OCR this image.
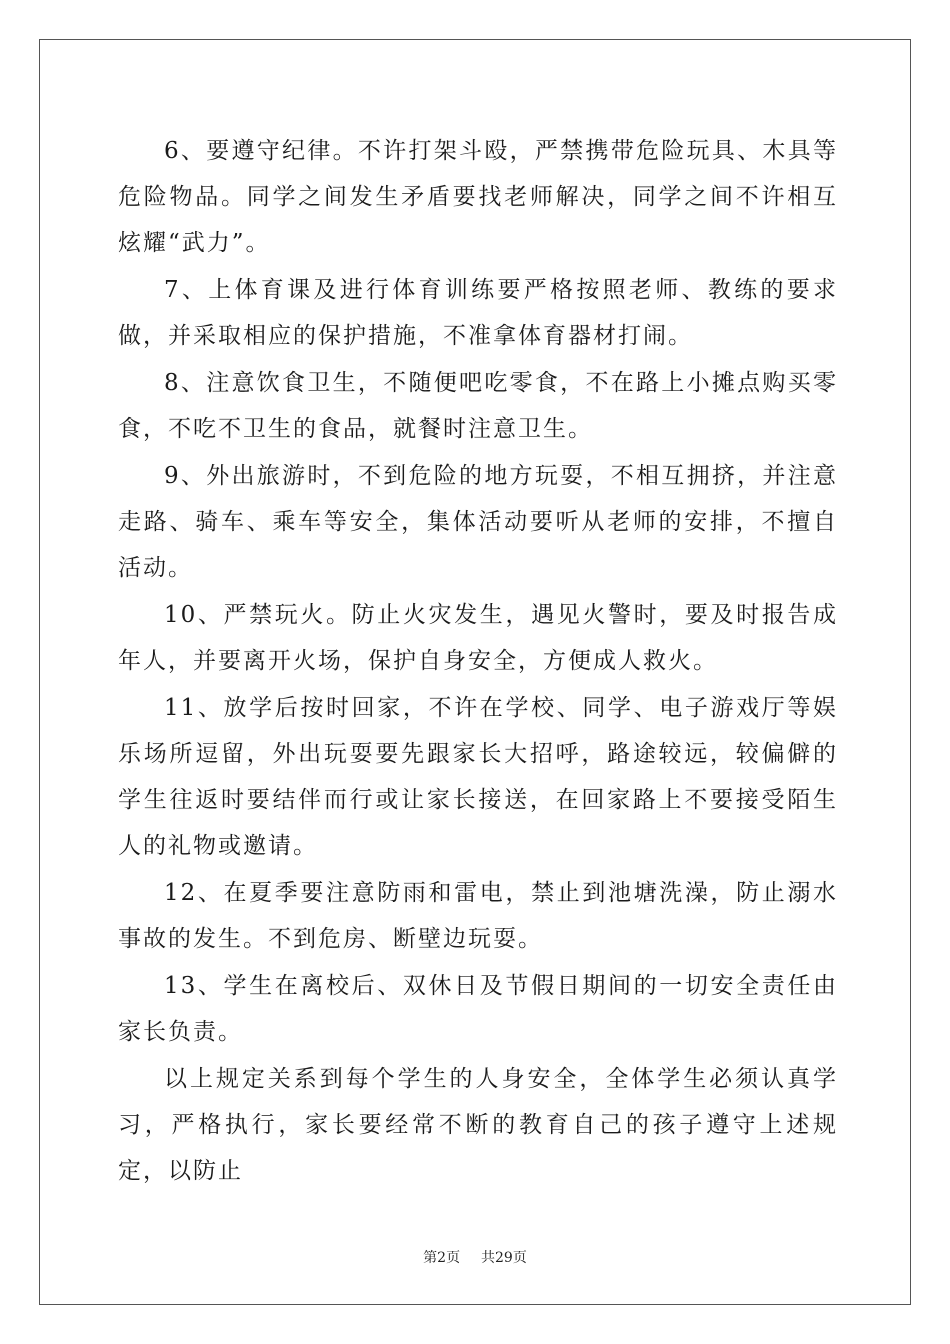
6、要遵守纪律。不许打架斗殴，严禁携带危险玩具、木具等危险物品。同学之间发生矛盾要找老师解决，同学之间不许相互炫耀“武力”。

7、上体育课及进行体育训练要严格按照老师、教练的要求做，并采取相应的保护措施，不准拿体育器材打闹。

8、注意饮食卫生，不随便吧吃零食，不在路上小摊点购买零食，不吃不卫生的食品，就餐时注意卫生。

9、外出旅游时，不到危险的地方玩耍，不相互拥挤，并注意走路、骑车、乘车等安全，集体活动要听从老师的安排，不擅自活动。

10、严禁玩火。防止火灾发生，遇见火警时，要及时报告成年人，并要离开火场，保护自身安全，方便成人救火。

11、放学后按时回家，不许在学校、同学、电子游戏厅等娱乐场所逗留，外出玩耍要先跟家长大招呼，路途较远，较偏僻的学生往返时要结伴而行或让家长接送，在回家路上不要接受陌生人的礼物或邀请。

12、在夏季要注意防雨和雷电，禁止到池塘洗澡，防止溺水事故的发生。不到危房、断壁边玩耍。

13、学生在离校后、双休日及节假日期间的一切安全责任由家长负责。

以上规定关系到每个学生的人身安全，全体学生必须认真学习，严格执行，家长要经常不断的教育自己的孩子遵守上述规定，以防止

第2页 共29页
